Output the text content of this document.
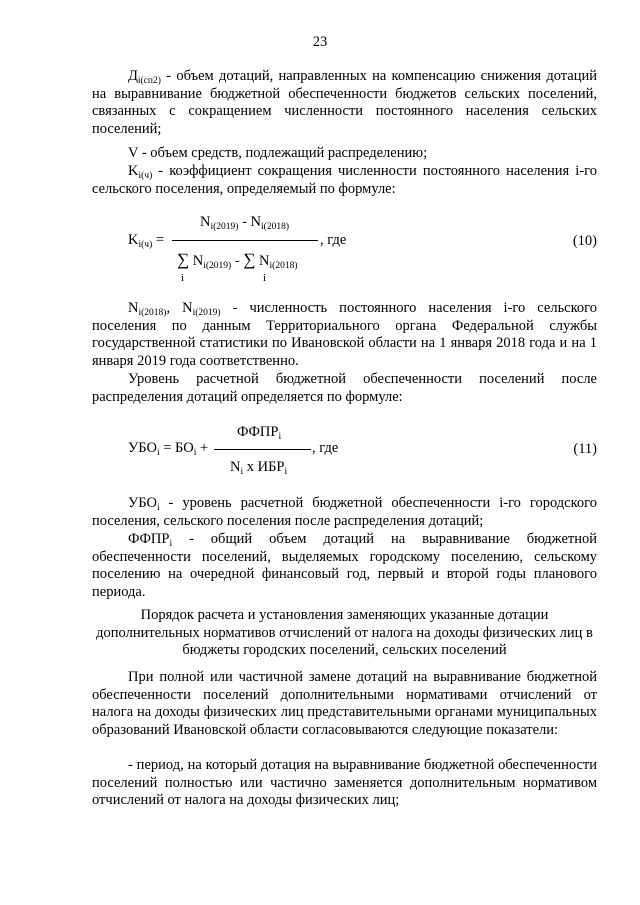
23

$Д_{i(сп2)}$ - объем дотаций, направленных на компенсацию снижения дотаций на выравнивание бюджетной обеспеченности бюджетов сельских поселений, связанных с сокращением численности постоянного населения сельских поселений;

V - объем средств, подлежащий распределению;

$K_{i(ч)}$ - коэффициент сокращения численности постоянного населения i-го сельского поселения, определяемый по формуле:

$K_{i(ч)}$ =
$N_{i(2019)} - N_{i(2018)}$
, где
∑ $N_{i(2019)}$ - ∑ $N_{i(2018)}$
i	i
(10)

$N_{i(2018)}$, $N_{i(2019)}$ - численность постоянного населения i-го сельского поселения по данным Территориального органа Федеральной службы государственной статистики по Ивановской области на 1 января 2018 года и на 1 января 2019 года соответственно.

Уровень расчетной бюджетной обеспеченности поселений после распределения дотаций определяется по формуле:

$УБО_i = БО_i$ +
$ФФПР_i$
, где
$N_i$ x $ИБР_i$
(11)

$УБО_i$ - уровень расчетной бюджетной обеспеченности i-го городского поселения, сельского поселения после распределения дотаций;

$ФФПР_i$ - общий объем дотаций на выравнивание бюджетной обеспеченности поселений, выделяемых городскому поселению, сельскому поселению на очередной финансовый год, первый и второй годы планового периода.

Порядок расчета и установления заменяющих указанные дотации дополнительных нормативов отчислений от налога на доходы физических лиц в бюджеты городских поселений, сельских поселений

При полной или частичной замене дотаций на выравнивание бюджетной обеспеченности поселений дополнительными нормативами отчислений от налога на доходы физических лиц представительными органами муниципальных образований Ивановской области согласовываются следующие показатели:

- период, на который дотация на выравнивание бюджетной обеспеченности поселений полностью или частично заменяется дополнительным нормативом отчислений от налога на доходы физических лиц;
